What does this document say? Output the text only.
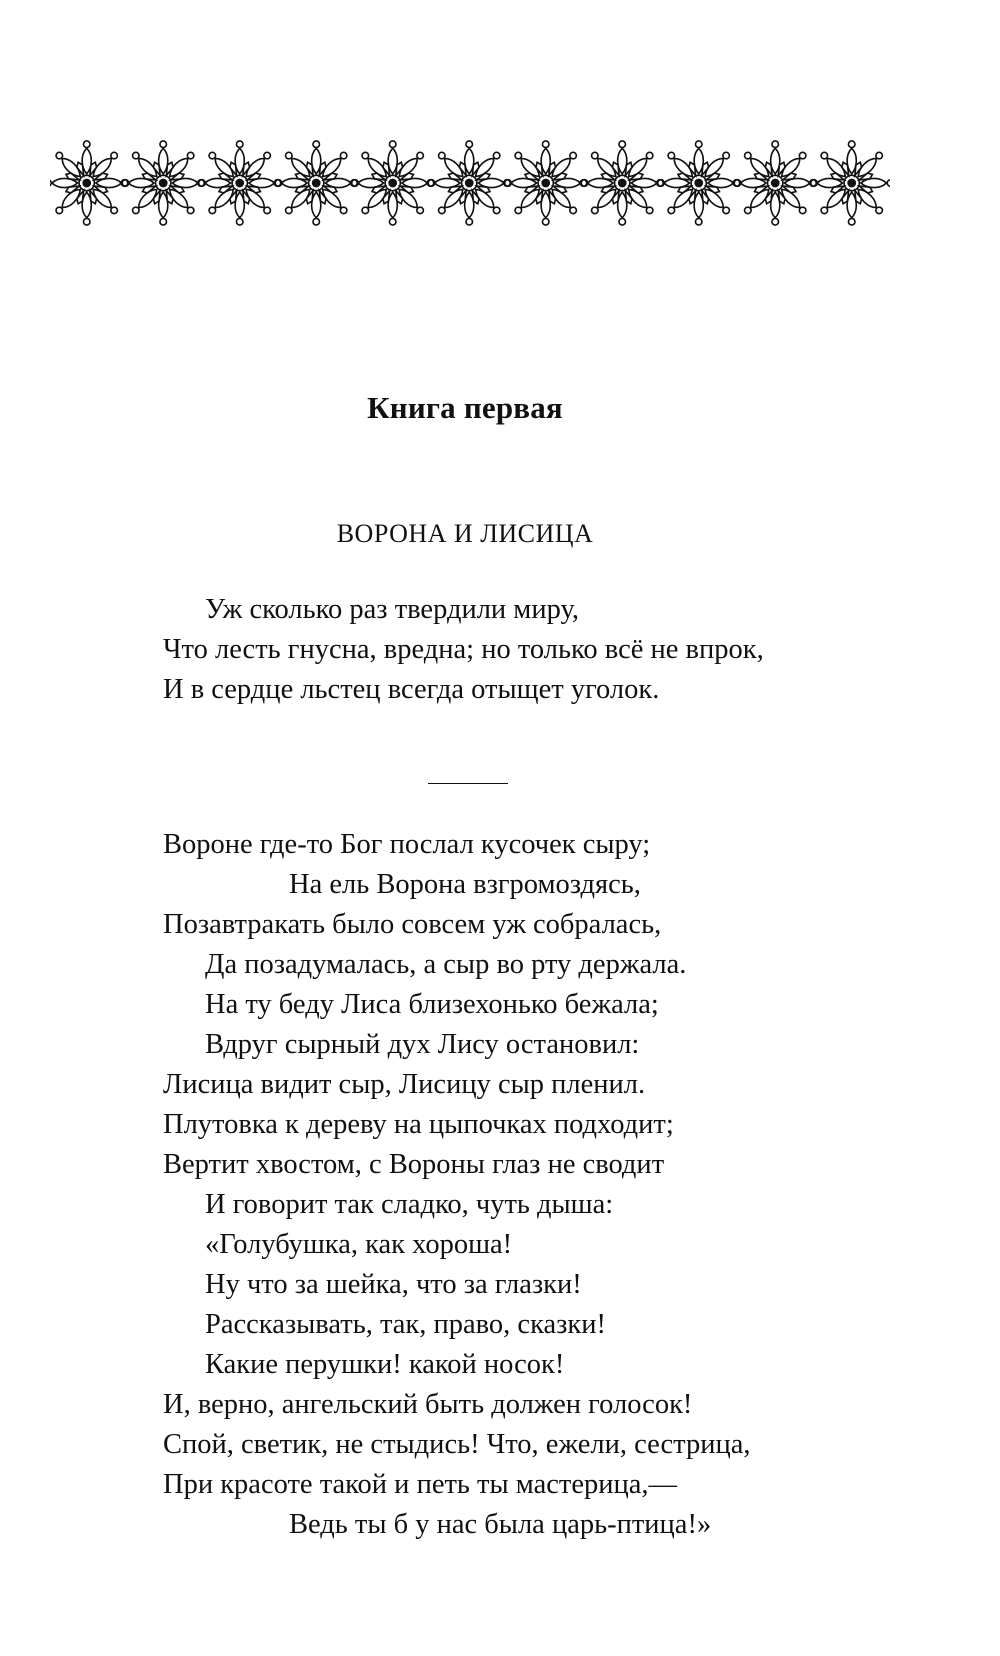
Книга первая
ВОРОНА И ЛИСИЦА
Уж сколько раз твердили миру,
Что лесть гнусна, вредна; но только всё не впрок,
И в сердце льстец всегда отыщет уголок.
Вороне где-то Бог послал кусочек сыру;
На ель Ворона взгромоздясь,
Позавтракать было совсем уж собралась,
Да позадумалась, а сыр во рту держала.
На ту беду Лиса близехонько бежала;
Вдруг сырный дух Лису остановил:
Лисица видит сыр, Лисицу сыр пленил.
Плутовка к дереву на цыпочках подходит;
Вертит хвостом, с Вороны глаз не сводит
И говорит так сладко, чуть дыша:
«Голубушка, как хороша!
Ну что за шейка, что за глазки!
Рассказывать, так, право, сказки!
Какие перушки! какой носок!
И, верно, ангельский быть должен голосок!
Спой, светик, не стыдись! Что, ежели, сестрица,
При красоте такой и петь ты мастерица,—
Ведь ты б у нас была царь-птица!»
